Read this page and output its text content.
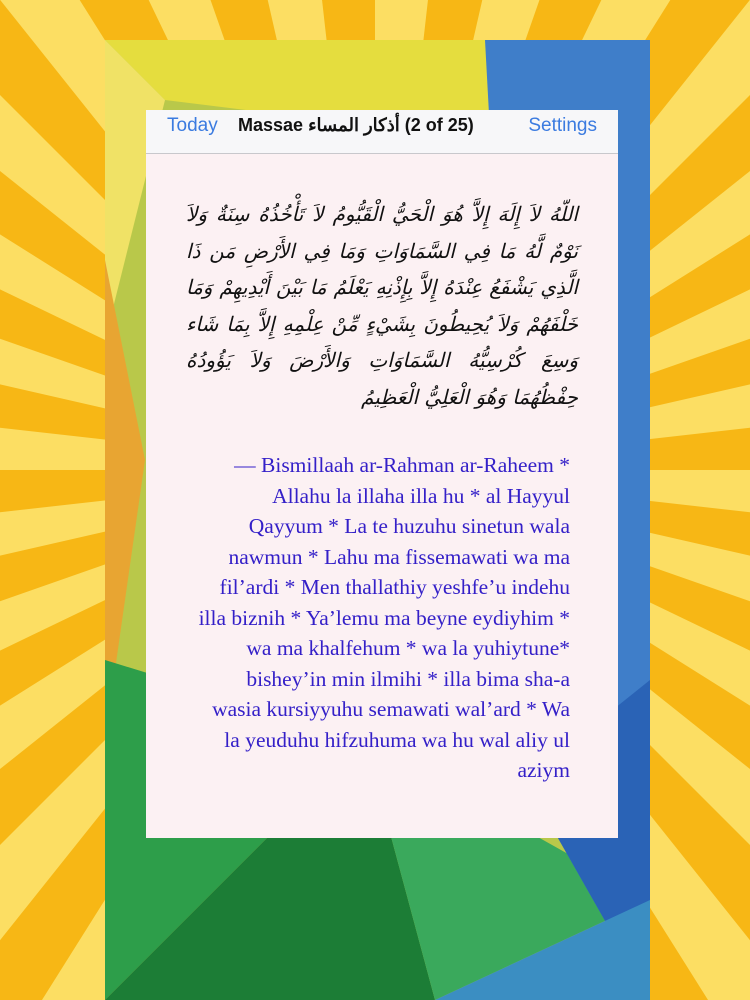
Today Massae أذكار المساء (2 of 25)	Settings
اللّهُ لاَ إِلَهَ إِلاَّ هُوَ الْحَيُّ الْقَيُّومُ لاَ تَأْخُذُهُ سِنَةٌ وَلاَ نَوْمٌ لَّهُ مَا فِي السَّمَاوَاتِ وَمَا فِي الأَرْضِ مَن ذَا الَّذِي يَشْفَعُ عِنْدَهُ إِلاَّ بِإِذْنِهِ يَعْلَمُ مَا بَيْنَ أَيْدِيهِمْ وَمَا خَلْفَهُمْ وَلاَ يُحِيطُونَ بِشَيْءٍ مِّنْ عِلْمِهِ إِلاَّ بِمَا شَاء وَسِعَ كُرْسِيُّهُ السَّمَاوَاتِ وَالأَرْضَ وَلاَ يَؤُودُهُ حِفْظُهُمَا وَهُوَ الْعَلِيُّ الْعَظِيمُ
— Bismillaah ar-Rahman ar-Raheem * Allahu la illaha illa hu * al Hayyul Qayyum * La te huzuhu sinetun wala nawmun * Lahu ma fissemawati wa ma fil’ardi * Men thallathiy yeshfe’u indehu illa biznih * Ya’lemu ma beyne eydiyhim * wa ma khalfehum * wa la yuhiytune* bishey’in min ilmihi * illa bima sha-a wasia kursiyyuhu semawati wal’ard * Wa la yeuduhu hifzuhuma wa hu wal aliy ul aziym
